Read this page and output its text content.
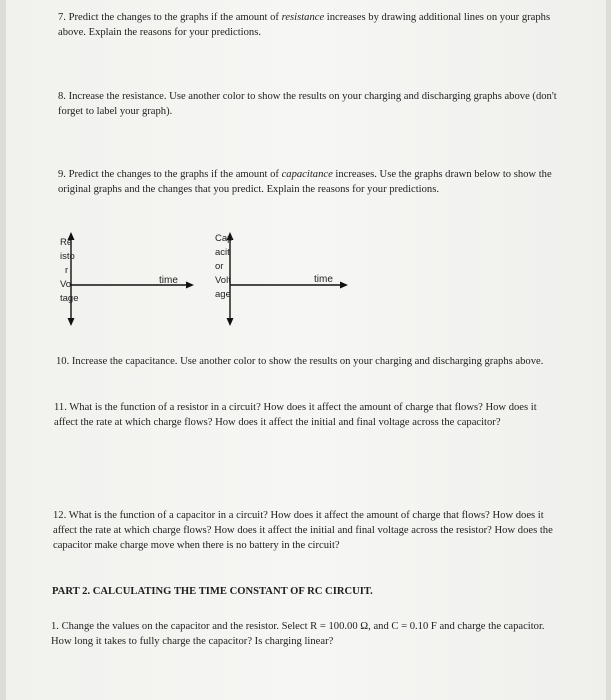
7. Predict the changes to the graphs if the amount of resistance increases by drawing additional lines on your graphs above. Explain the reasons for your predictions.

8. Increase the resistance. Use another color to show the results on your charging and discharging graphs above (don't forget to label your graph).

9. Predict the changes to the graphs if the amount of capacitance increases. Use the graphs drawn below to show the original graphs and the changes that you predict. Explain the reasons for your predictions.

Re
isto
r
Vo
tage
time
Cap
acit
or
Volt
age
time

10. Increase the capacitance. Use another color to show the results on your charging and discharging graphs above.

11. What is the function of a resistor in a circuit? How does it affect the amount of charge that flows? How does it affect the rate at which charge flows? How does it affect the initial and final voltage across the capacitor?

12. What is the function of a capacitor in a circuit? How does it affect the amount of charge that flows? How does it affect the rate at which charge flows? How does it affect the initial and final voltage across the resistor? How does the capacitor make charge move when there is no battery in the circuit?

PART 2. CALCULATING THE TIME CONSTANT OF RC CIRCUIT.

1. Change the values on the capacitor and the resistor. Select R = 100.00 Ω, and C = 0.10 F and charge the capacitor. How long it takes to fully charge the capacitor? Is charging linear?
